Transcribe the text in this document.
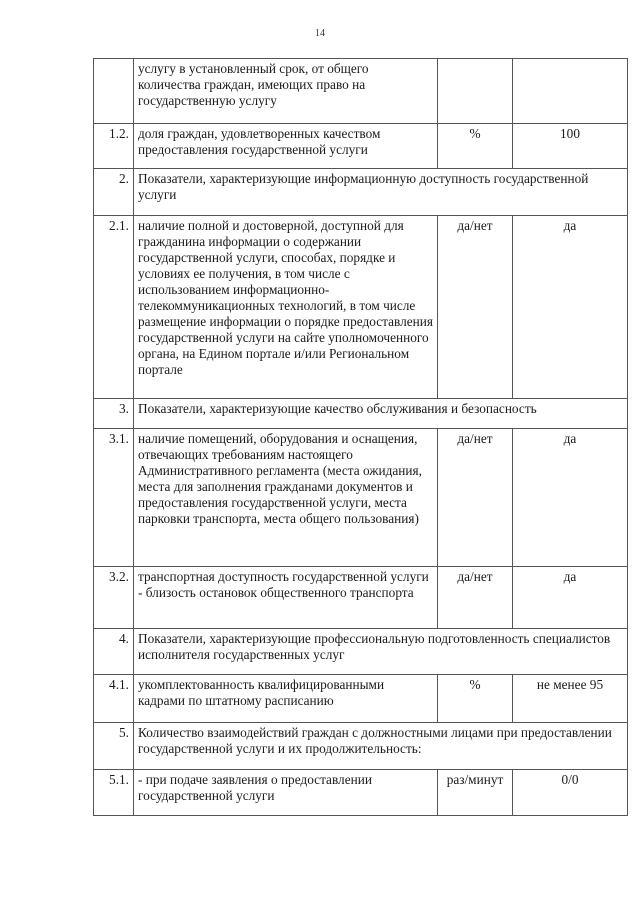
14
	услугу в установленный срок, от общего количества граждан, имеющих право на государственную услугу		
1.2.	доля граждан, удовлетворенных качеством предоставления государственной услуги	%	100
2.	Показатели, характеризующие информационную доступность государственной услуги		
2.1.	наличие полной и достоверной, доступной для гражданина информации о содержании государственной услуги, способах, порядке и условиях ее получения, в том числе с использованием информационно-телекоммуникационных технологий, в том числе размещение информации о порядке предоставления государственной услуги на сайте уполномоченного органа, на Едином портале и/или Региональном портале	да/нет	да
3.	Показатели, характеризующие качество обслуживания и безопасность		
3.1.	наличие помещений, оборудования и оснащения, отвечающих требованиям настоящего Административного регламента (места ожидания, места для заполнения гражданами документов и предоставления государственной услуги, места парковки транспорта, места общего пользования)	да/нет	да
3.2.	транспортная доступность государственной услуги - близость остановок общественного транспорта	да/нет	да
4.	Показатели, характеризующие профессиональную подготовленность специалистов исполнителя государственных услуг		
4.1.	укомплектованность квалифицированными кадрами по штатному расписанию	%	не менее 95
5.	Количество взаимодействий граждан с должностными лицами при предоставлении государственной услуги и их продолжительность:		
5.1.	- при подаче заявления о предоставлении государственной услуги	раз/минут	0/0
